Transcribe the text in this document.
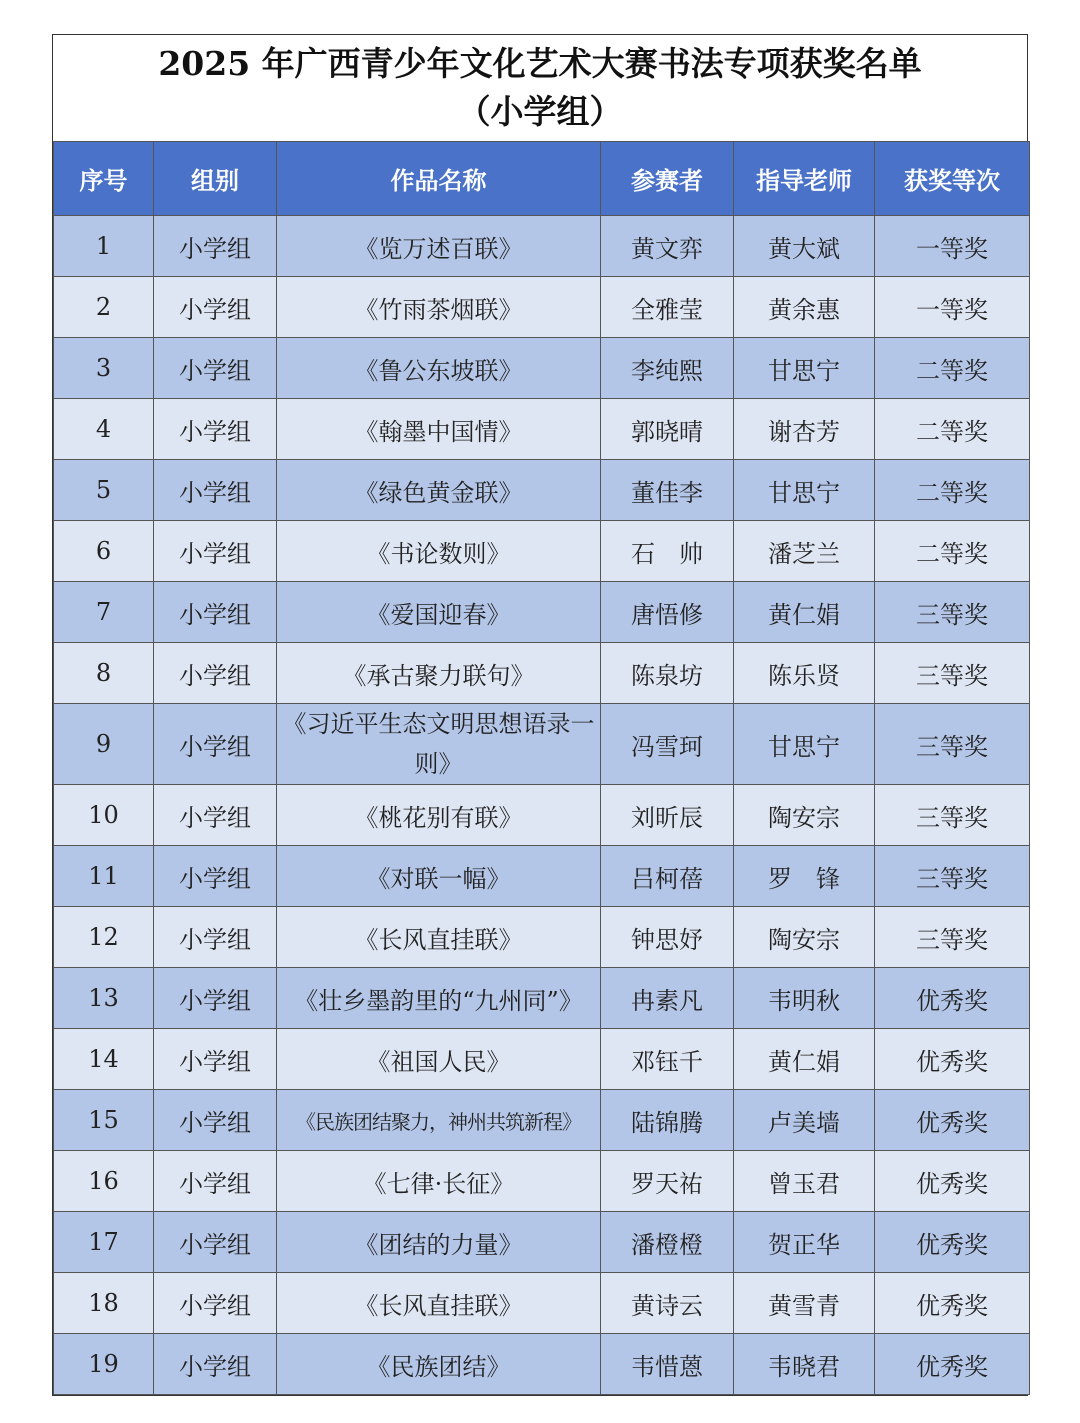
2025 年广西青少年文化艺术大赛书法专项获奖名单
（小学组）
序号	组别	作品名称	参赛者	指导老师	获奖等次
1	小学组	《览万述百联》	黄文弈	黄大斌	一等奖
2	小学组	《竹雨茶烟联》	全雅莹	黄余惠	一等奖
3	小学组	《鲁公东坡联》	李纯熙	甘思宁	二等奖
4	小学组	《翰墨中国情》	郭晓晴	谢杏芳	二等奖
5	小学组	《绿色黄金联》	董佳李	甘思宁	二等奖
6	小学组	《书论数则》	石　帅	潘芝兰	二等奖
7	小学组	《爱国迎春》	唐悟修	黄仁娟	三等奖
8	小学组	《承古聚力联句》	陈泉坊	陈乐贤	三等奖
9	小学组	《习近平生态文明思想语录一则》	冯雪珂	甘思宁	三等奖
10	小学组	《桃花别有联》	刘昕辰	陶安宗	三等奖
11	小学组	《对联一幅》	吕柯蓓	罗　锋	三等奖
12	小学组	《长风直挂联》	钟思妤	陶安宗	三等奖
13	小学组	《壮乡墨韵里的“九州同”》	冉素凡	韦明秋	优秀奖
14	小学组	《祖国人民》	邓钰千	黄仁娟	优秀奖
15	小学组	《民族团结聚力，神州共筑新程》	陆锦腾	卢美墙	优秀奖
16	小学组	《七律·长征》	罗天祐	曾玉君	优秀奖
17	小学组	《团结的力量》	潘橙橙	贺正华	优秀奖
18	小学组	《长风直挂联》	黄诗云	黄雪青	优秀奖
19	小学组	《民族团结》	韦惜蒽	韦晓君	优秀奖
